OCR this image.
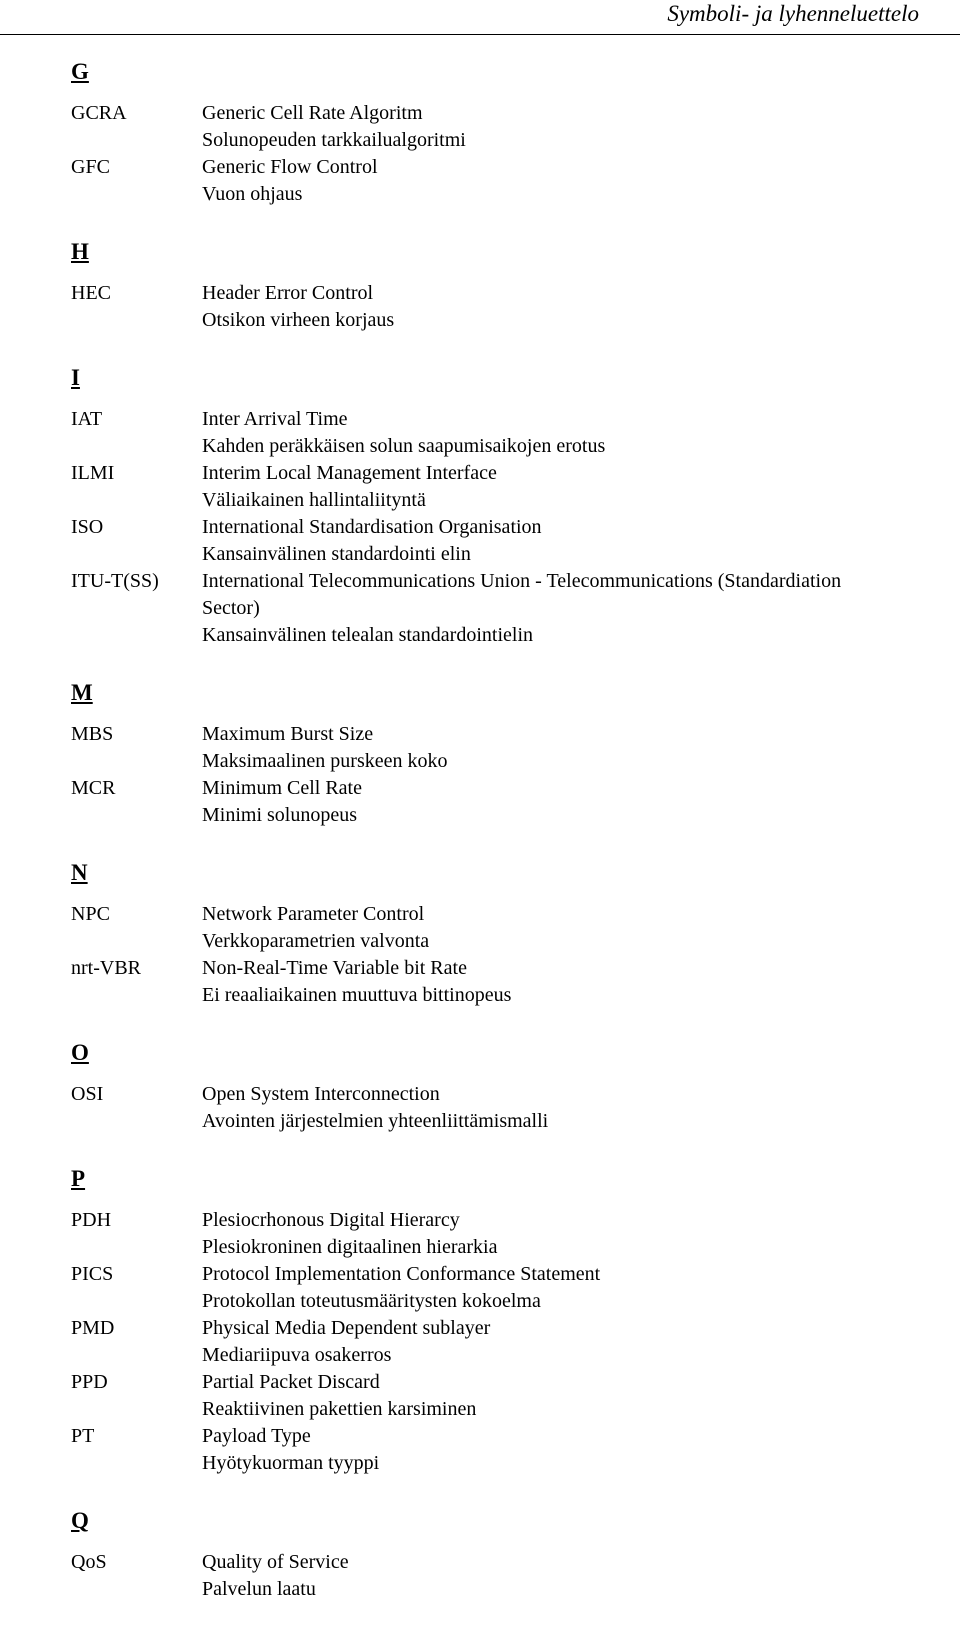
Symboli- ja lyhenneluettelo
G
GCRA	Generic Cell Rate Algoritm
Solunopeuden tarkkailualgoritmi
GFC	Generic Flow Control
Vuon ohjaus
H
HEC	Header Error Control
Otsikon virheen korjaus
I
IAT	Inter Arrival Time
Kahden peräkkäisen solun saapumisaikojen erotus
ILMI	Interim Local Management Interface
Väliaikainen hallintaliityntä
ISO	International Standardisation Organisation
Kansainvälinen standardointi elin
ITU-T(SS)	International Telecommunications Union - Telecommunications (Standardiation
Sector)
Kansainvälinen telealan standardointielin
M
MBS	Maximum Burst Size
Maksimaalinen purskeen koko
MCR	Minimum Cell Rate
Minimi solunopeus
N
NPC	Network Parameter Control
Verkkoparametrien valvonta
nrt-VBR	Non-Real-Time Variable bit Rate
Ei reaaliaikainen muuttuva bittinopeus
O
OSI	Open System Interconnection
Avointen järjestelmien yhteenliittämismalli
P
PDH	Plesiocrhonous Digital Hierarcy
Plesiokroninen digitaalinen hierarkia
PICS	Protocol Implementation Conformance Statement
Protokollan toteutusmääritysten kokoelma
PMD	Physical Media Dependent sublayer
Mediariipuva osakerros
PPD	Partial Packet Discard
Reaktiivinen pakettien karsiminen
PT	Payload Type
Hyötykuorman tyyppi
Q
QoS	Quality of Service
Palvelun laatu
